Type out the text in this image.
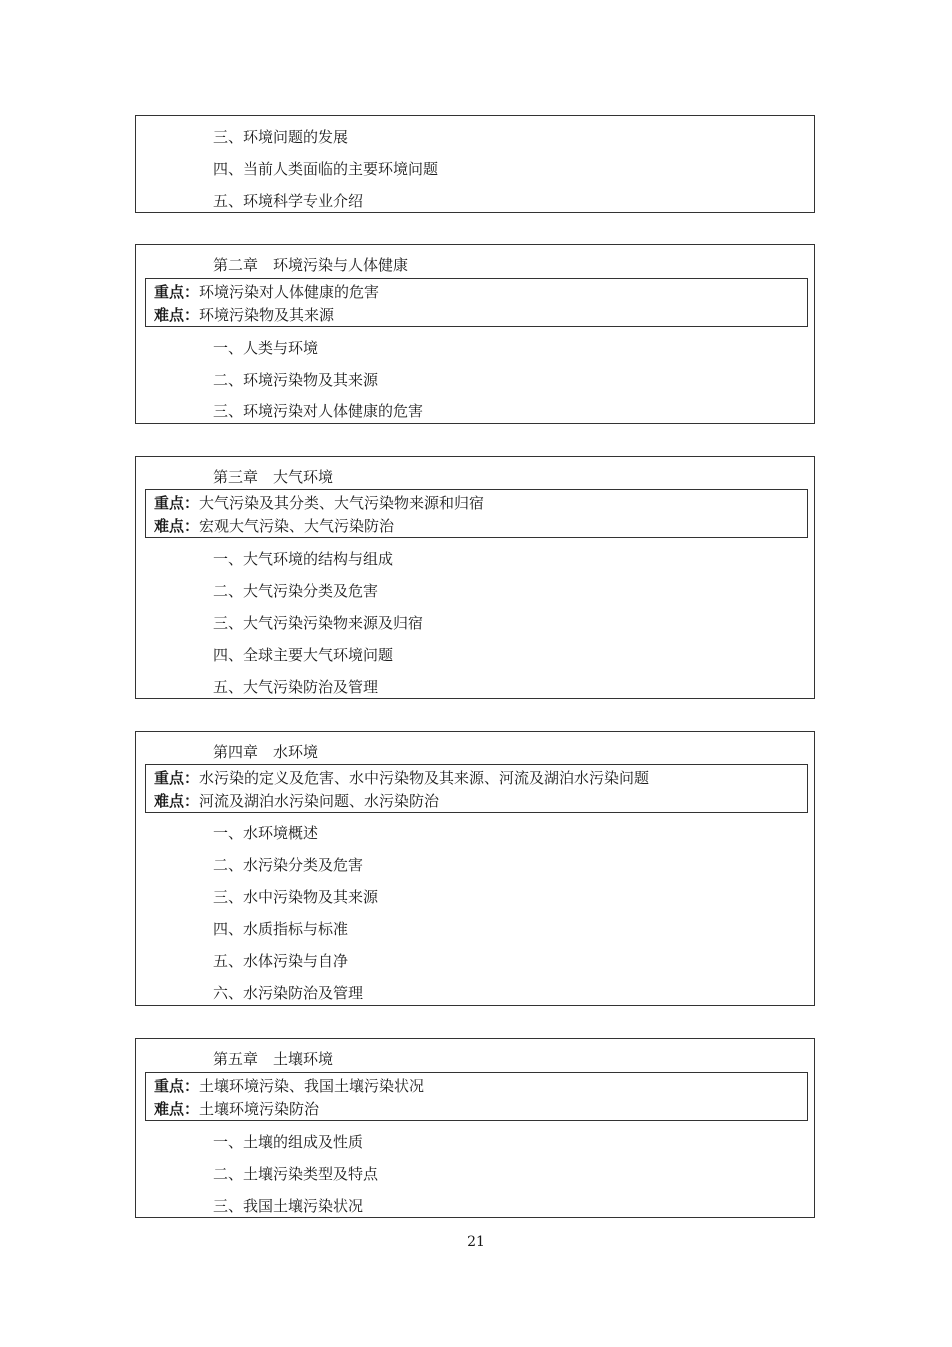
三、环境问题的发展
四、当前人类面临的主要环境问题
五、环境科学专业介绍
第二章　环境污染与人体健康
重点：环境污染对人体健康的危害
难点：环境污染物及其来源
一、人类与环境
二、环境污染物及其来源
三、环境污染对人体健康的危害
第三章　大气环境
重点：大气污染及其分类、大气污染物来源和归宿
难点：宏观大气污染、大气污染防治
一、大气环境的结构与组成
二、大气污染分类及危害
三、大气污染污染物来源及归宿
四、全球主要大气环境问题
五、大气污染防治及管理
第四章　水环境
重点：水污染的定义及危害、水中污染物及其来源、河流及湖泊水污染问题
难点：河流及湖泊水污染问题、水污染防治
一、水环境概述
二、水污染分类及危害
三、水中污染物及其来源
四、水质指标与标准
五、水体污染与自净
六、水污染防治及管理
第五章　土壤环境
重点：土壤环境污染、我国土壤污染状况
难点：土壤环境污染防治
一、土壤的组成及性质
二、土壤污染类型及特点
三、我国土壤污染状况
21
